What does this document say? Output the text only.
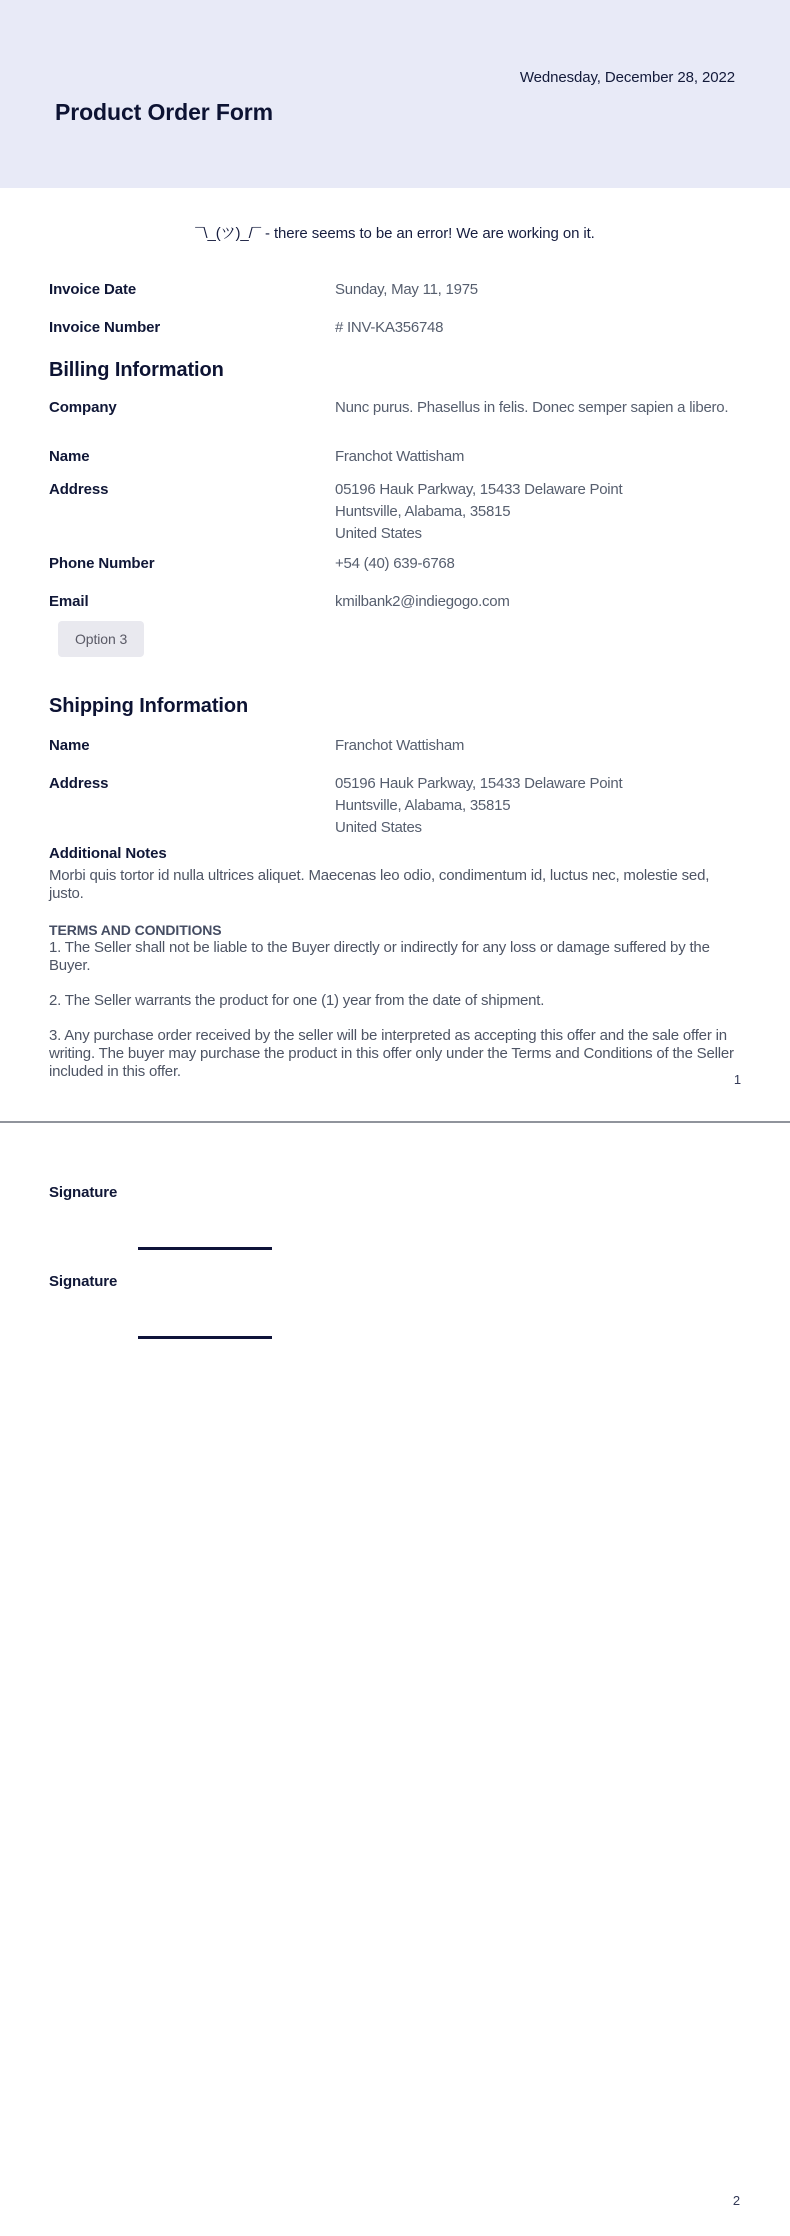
Wednesday, December 28, 2022
Product Order Form
¯\_(ツ)_/¯ - there seems to be an error! We are working on it.
Invoice Date	Sunday, May 11, 1975
Invoice Number	# INV-KA356748
Billing Information
Company	Nunc purus. Phasellus in felis. Donec semper sapien a libero.
Name	Franchot Wattisham
Address	05196 Hauk Parkway, 15433 Delaware Point
Huntsville, Alabama, 35815
United States
Phone Number	+54 (40) 639-6768
Email	kmilbank2@indiegogo.com
Option 3
Shipping Information
Name	Franchot Wattisham
Address	05196 Hauk Parkway, 15433 Delaware Point
Huntsville, Alabama, 35815
United States
Additional Notes

Morbi quis tortor id nulla ultrices aliquet. Maecenas leo odio, condimentum id, luctus nec, molestie sed, justo.

TERMS AND CONDITIONS

1. The Seller shall not be liable to the Buyer directly or indirectly for any loss or damage suffered by the Buyer.

2. The Seller warrants the product for one (1) year from the date of shipment.

3. Any purchase order received by the seller will be interpreted as accepting this offer and the sale offer in writing. The buyer may purchase the product in this offer only under the Terms and Conditions of the Seller included in this offer.	1
Signature
Signature
2
